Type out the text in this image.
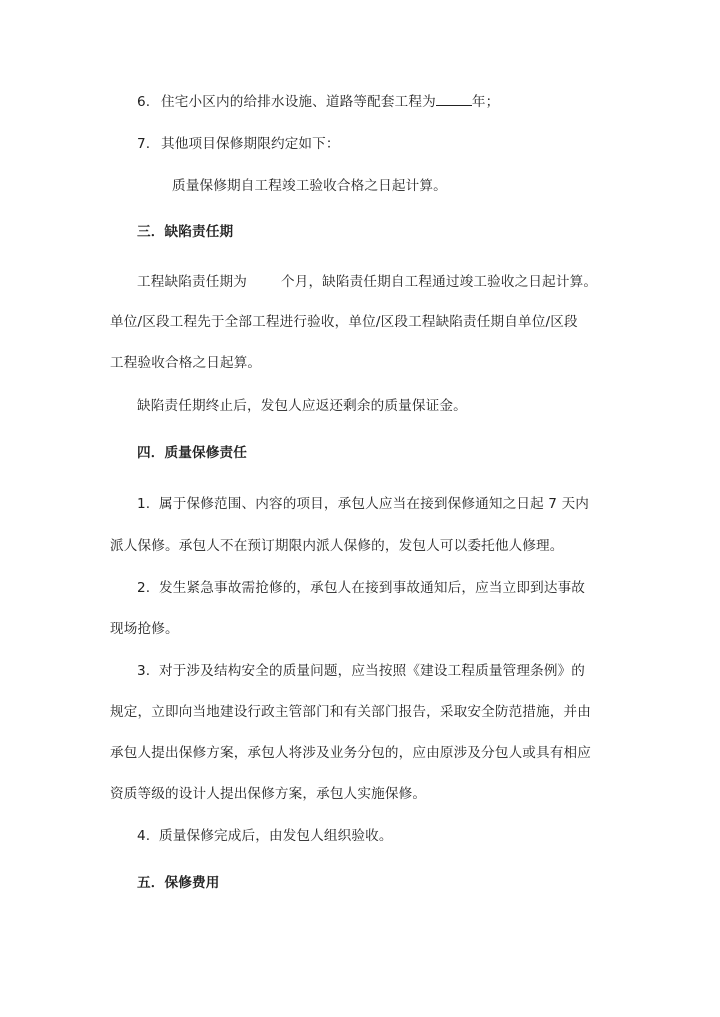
6. 住宅小区内的给排水设施、道路等配套工程为	年；
7. 其他项目保修期限约定如下：
质量保修期自工程竣工验收合格之日起计算。
三．缺陷责任期
工程缺陷责任期为	个月，缺陷责任期自工程通过竣工验收之日起计算。
单位/区段工程先于全部工程进行验收，单位/区段工程缺陷责任期自单位/区段
工程验收合格之日起算。
缺陷责任期终止后，发包人应返还剩余的质量保证金。
四．质量保修责任
1. 属于保修范围、内容的项目，承包人应当在接到保修通知之日起 7 天内
派人保修。承包人不在预订期限内派人保修的，发包人可以委托他人修理。
2. 发生紧急事故需抢修的，承包人在接到事故通知后，应当立即到达事故
现场抢修。
3. 对于涉及结构安全的质量问题，应当按照《建设工程质量管理条例》的
规定，立即向当地建设行政主管部门和有关部门报告，采取安全防范措施，并由
承包人提出保修方案，承包人将涉及业务分包的，应由原涉及分包人或具有相应
资质等级的设计人提出保修方案，承包人实施保修。
4. 质量保修完成后，由发包人组织验收。
五．保修费用
